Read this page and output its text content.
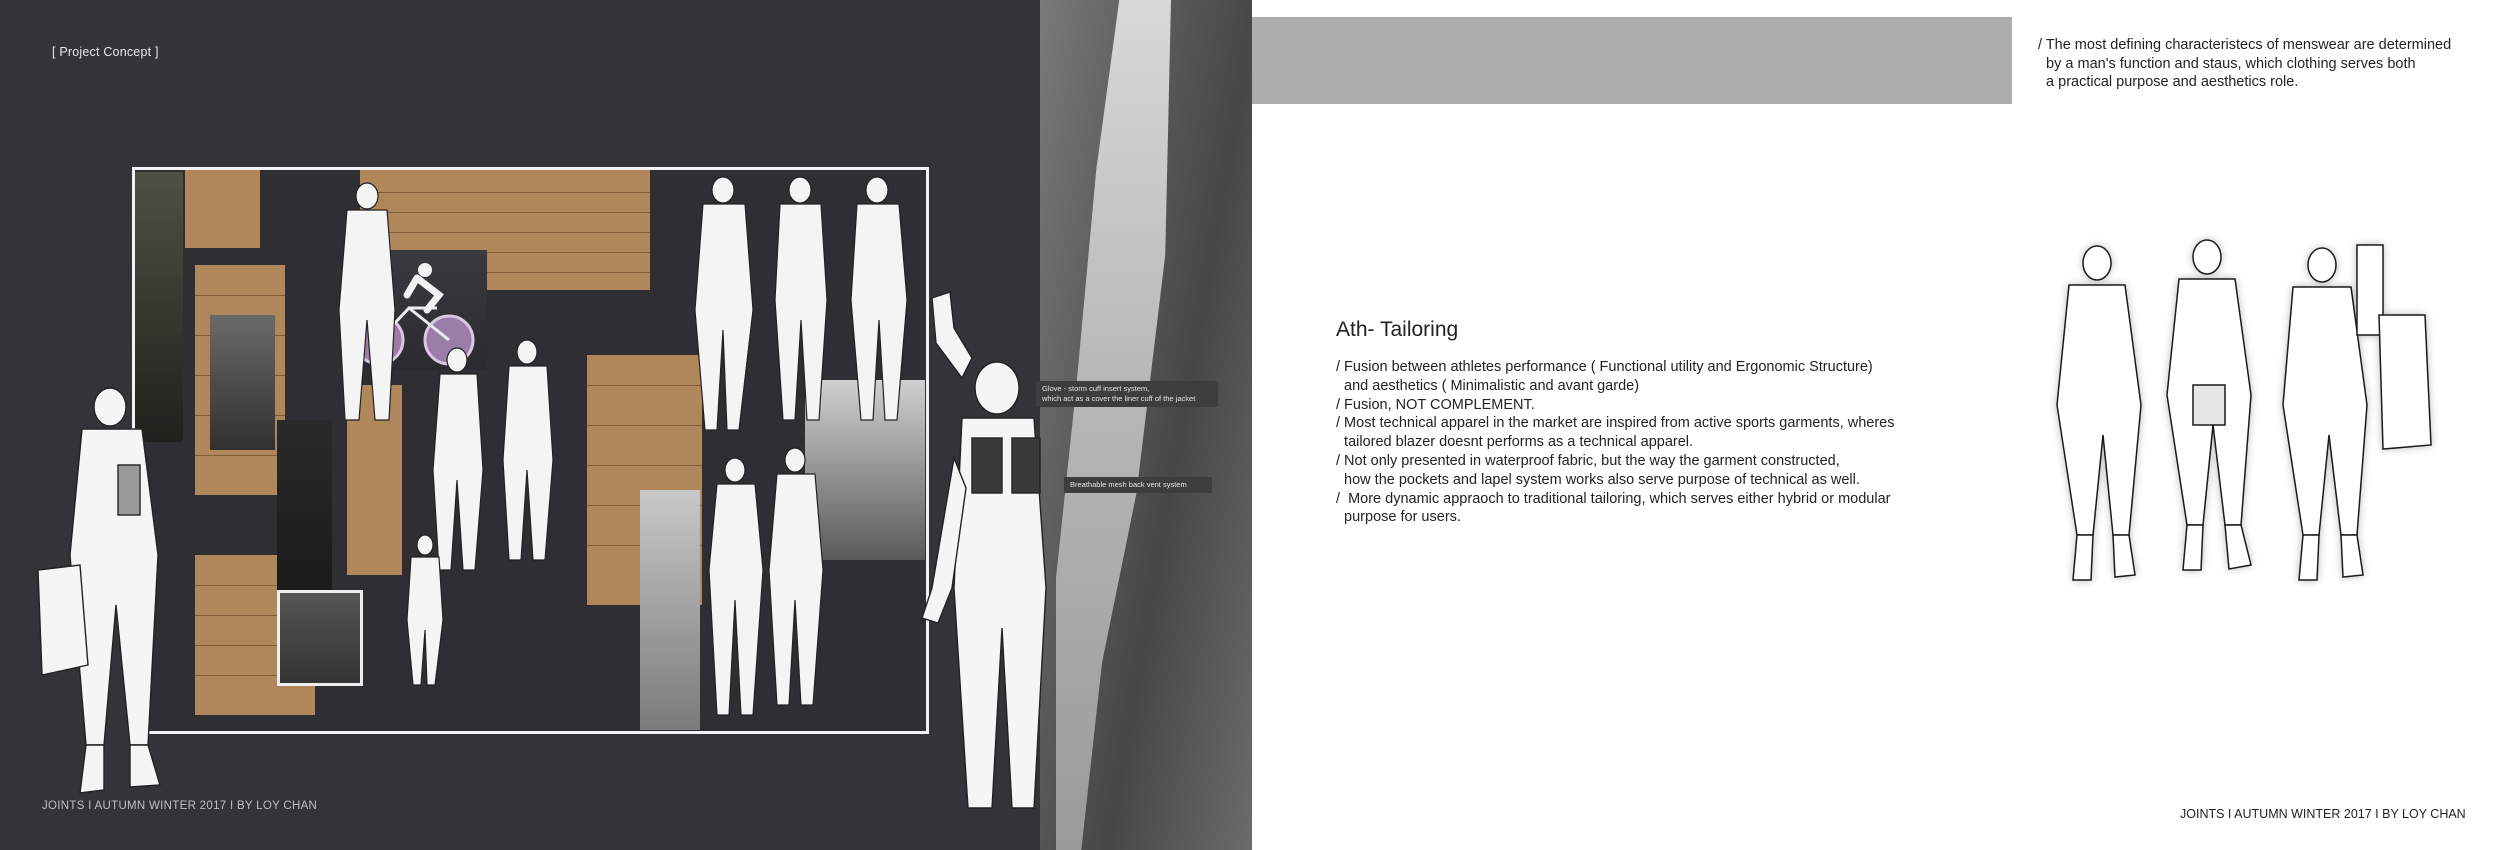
[ Project Concept ]
Glove - storm cuff insert system,
which act as a cover the liner cuff of the jacket
Breathable mesh back vent system
JOINTS I AUTUMN WINTER 2017 I BY LOY CHAN

/ The most defining characteristecs of menswear are determined

by a man's function and staus, which clothing serves both

a practical purpose and aesthetics role.

Ath- Tailoring

/ Fusion between athletes performance ( Functional utility and Ergonomic Structure)

and aesthetics ( Minimalistic and avant garde)

/ Fusion, NOT COMPLEMENT.

/ Most technical apparel in the market are inspired from active sports garments, wheres

tailored blazer doesnt performs as a technical apparel.

/ Not only presented in waterproof fabric, but the way the garment constructed,

how the pockets and lapel system works also serve purpose of technical as well.

/  More dynamic appraoch to traditional tailoring, which serves either hybrid or modular

purpose for users.

JOINTS I AUTUMN WINTER 2017 I BY LOY CHAN
